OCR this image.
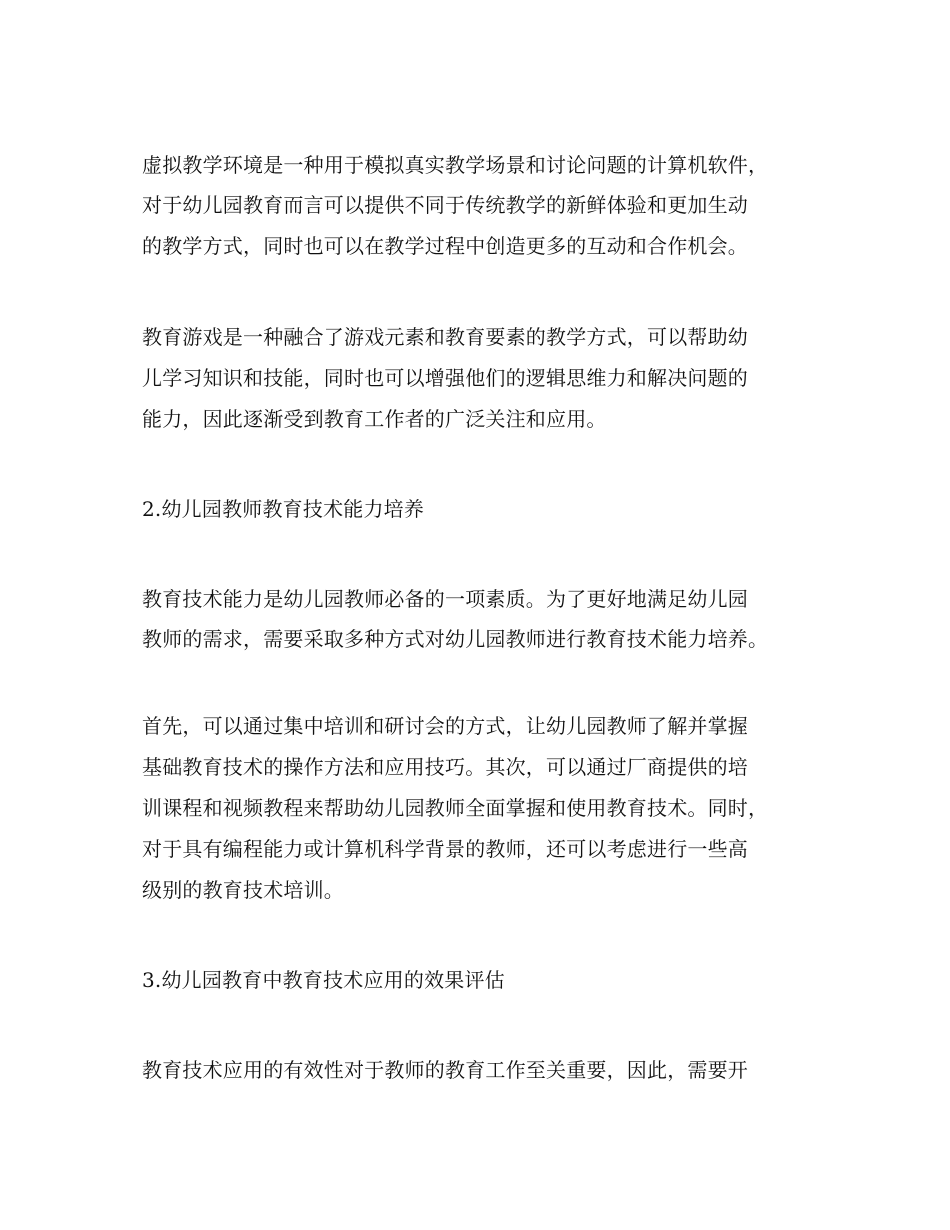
虚拟教学环境是一种用于模拟真实教学场景和讨论问题的计算机软件，

对于幼儿园教育而言可以提供不同于传统教学的新鲜体验和更加生动

的教学方式，同时也可以在教学过程中创造更多的互动和合作机会。

教育游戏是一种融合了游戏元素和教育要素的教学方式，可以帮助幼

儿学习知识和技能，同时也可以增强他们的逻辑思维力和解决问题的

能力，因此逐渐受到教育工作者的广泛关注和应用。

2.幼儿园教师教育技术能力培养

教育技术能力是幼儿园教师必备的一项素质。为了更好地满足幼儿园

教师的需求，需要采取多种方式对幼儿园教师进行教育技术能力培养。

首先，可以通过集中培训和研讨会的方式，让幼儿园教师了解并掌握

基础教育技术的操作方法和应用技巧。其次，可以通过厂商提供的培

训课程和视频教程来帮助幼儿园教师全面掌握和使用教育技术。同时，

对于具有编程能力或计算机科学背景的教师，还可以考虑进行一些高

级别的教育技术培训。

3.幼儿园教育中教育技术应用的效果评估

教育技术应用的有效性对于教师的教育工作至关重要，因此，需要开
